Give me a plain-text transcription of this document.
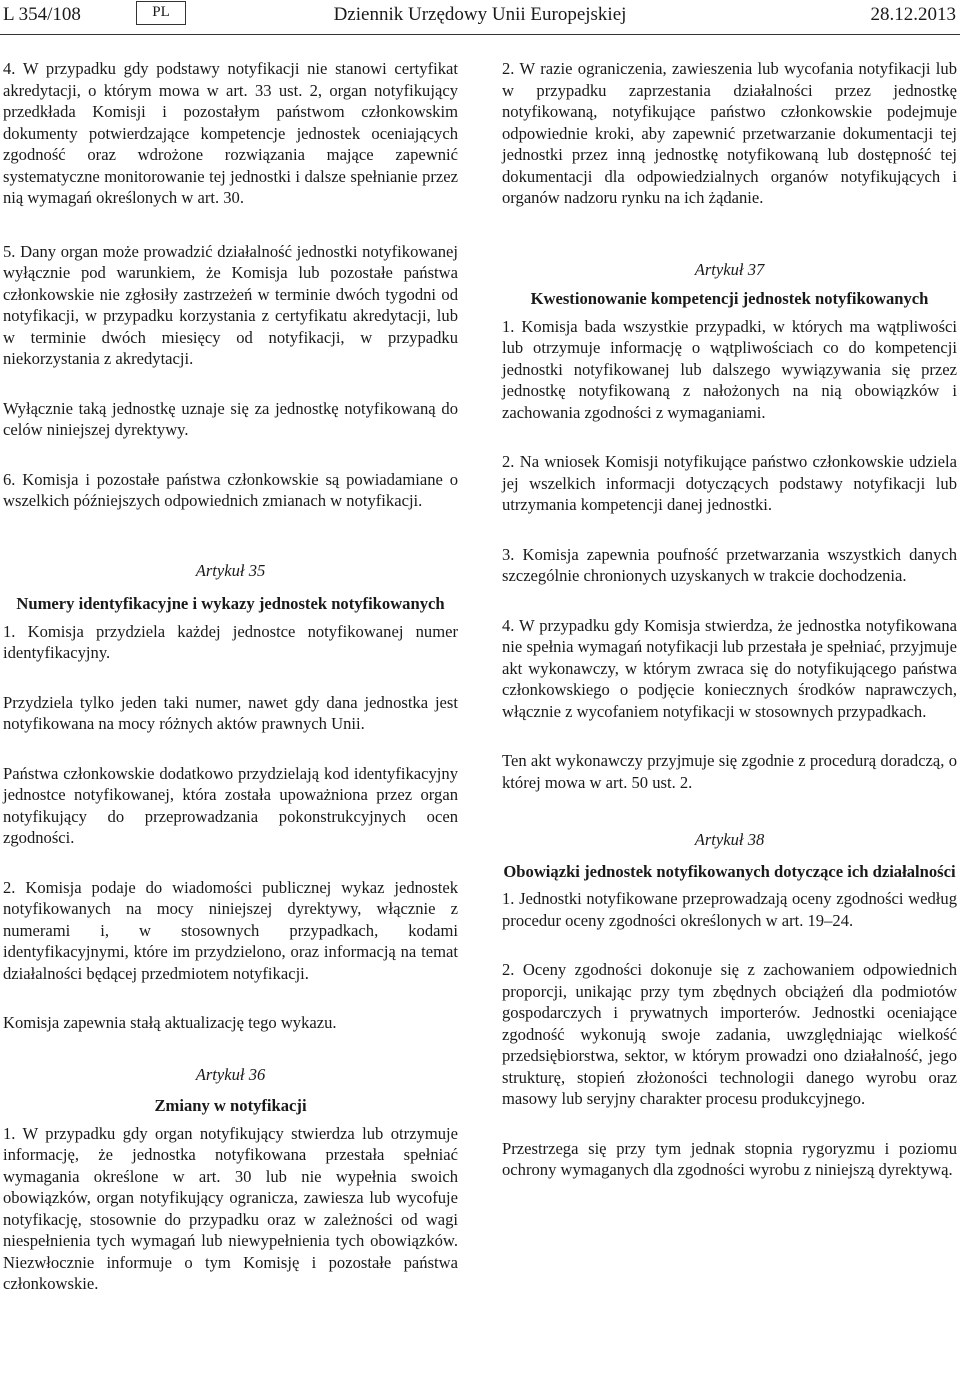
L 354/108	PL	Dziennik Urzędowy Unii Europejskiej	28.12.2013

4. W przypadku gdy podstawy notyfikacji nie stanowi certyfikat akredytacji, o którym mowa w art. 33 ust. 2, organ notyfikujący przedkłada Komisji i pozostałym państwom członkowskim dokumenty potwierdzające kompetencje jednostek oceniających zgodność oraz wdrożone rozwiązania mające zapewnić systematyczne monitorowanie tej jednostki i dalsze spełnianie przez nią wymagań określonych w art. 30.

5. Dany organ może prowadzić działalność jednostki notyfikowanej wyłącznie pod warunkiem, że Komisja lub pozostałe państwa członkowskie nie zgłosiły zastrzeżeń w terminie dwóch tygodni od notyfikacji, w przypadku korzystania z certyfikatu akredytacji, lub w terminie dwóch miesięcy od notyfikacji, w przypadku niekorzystania z akredytacji.

Wyłącznie taką jednostkę uznaje się za jednostkę notyfikowaną do celów niniejszej dyrektywy.

6. Komisja i pozostałe państwa członkowskie są powiadamiane o wszelkich późniejszych odpowiednich zmianach w notyfikacji.

Artykuł 35
Numery identyfikacyjne i wykazy jednostek notyfikowanych

1. Komisja przydziela każdej jednostce notyfikowanej numer identyfikacyjny.

Przydziela tylko jeden taki numer, nawet gdy dana jednostka jest notyfikowana na mocy różnych aktów prawnych Unii.

Państwa członkowskie dodatkowo przydzielają kod identyfikacyjny jednostce notyfikowanej, która została upoważniona przez organ notyfikujący do przeprowadzania pokonstrukcyjnych ocen zgodności.

2. Komisja podaje do wiadomości publicznej wykaz jednostek notyfikowanych na mocy niniejszej dyrektywy, włącznie z numerami i, w stosownych przypadkach, kodami identyfikacyjnymi, które im przydzielono, oraz informacją na temat działalności będącej przedmiotem notyfikacji.

Komisja zapewnia stałą aktualizację tego wykazu.

Artykuł 36
Zmiany w notyfikacji

1. W przypadku gdy organ notyfikujący stwierdza lub otrzymuje informację, że jednostka notyfikowana przestała spełniać wymagania określone w art. 30 lub nie wypełnia swoich obowiązków, organ notyfikujący ogranicza, zawiesza lub wycofuje notyfikację, stosownie do przypadku oraz w zależności od wagi niespełnienia tych wymagań lub niewypełnienia tych obowiązków. Niezwłocznie informuje o tym Komisję i pozostałe państwa członkowskie.

2. W razie ograniczenia, zawieszenia lub wycofania notyfikacji lub w przypadku zaprzestania działalności przez jednostkę notyfikowaną, notyfikujące państwo członkowskie podejmuje odpowiednie kroki, aby zapewnić przetwarzanie dokumentacji tej jednostki przez inną jednostkę notyfikowaną lub dostępność tej dokumentacji dla odpowiedzialnych organów notyfikujących i organów nadzoru rynku na ich żądanie.

Artykuł 37
Kwestionowanie kompetencji jednostek notyfikowanych

1. Komisja bada wszystkie przypadki, w których ma wątpliwości lub otrzymuje informację o wątpliwościach co do kompetencji jednostki notyfikowanej lub dalszego wywiązywania się przez jednostkę notyfikowaną z nałożonych na nią obowiązków i zachowania zgodności z wymaganiami.

2. Na wniosek Komisji notyfikujące państwo członkowskie udziela jej wszelkich informacji dotyczących podstawy notyfikacji lub utrzymania kompetencji danej jednostki.

3. Komisja zapewnia poufność przetwarzania wszystkich danych szczególnie chronionych uzyskanych w trakcie dochodzenia.

4. W przypadku gdy Komisja stwierdza, że jednostka notyfikowana nie spełnia wymagań notyfikacji lub przestała je spełniać, przyjmuje akt wykonawczy, w którym zwraca się do notyfikującego państwa członkowskiego o podjęcie koniecznych środków naprawczych, włącznie z wycofaniem notyfikacji w stosownych przypadkach.

Ten akt wykonawczy przyjmuje się zgodnie z procedurą doradczą, o której mowa w art. 50 ust. 2.

Artykuł 38
Obowiązki jednostek notyfikowanych dotyczące ich działalności

1. Jednostki notyfikowane przeprowadzają oceny zgodności według procedur oceny zgodności określonych w art. 19–24.

2. Oceny zgodności dokonuje się z zachowaniem odpowiednich proporcji, unikając przy tym zbędnych obciążeń dla podmiotów gospodarczych i prywatnych importerów. Jednostki oceniające zgodność wykonują swoje zadania, uwzględniając wielkość przedsiębiorstwa, sektor, w którym prowadzi ono działalność, jego strukturę, stopień złożoności technologii danego wyrobu oraz masowy lub seryjny charakter procesu produkcyjnego.

Przestrzega się przy tym jednak stopnia rygoryzmu i poziomu ochrony wymaganych dla zgodności wyrobu z niniejszą dyrektywą.
